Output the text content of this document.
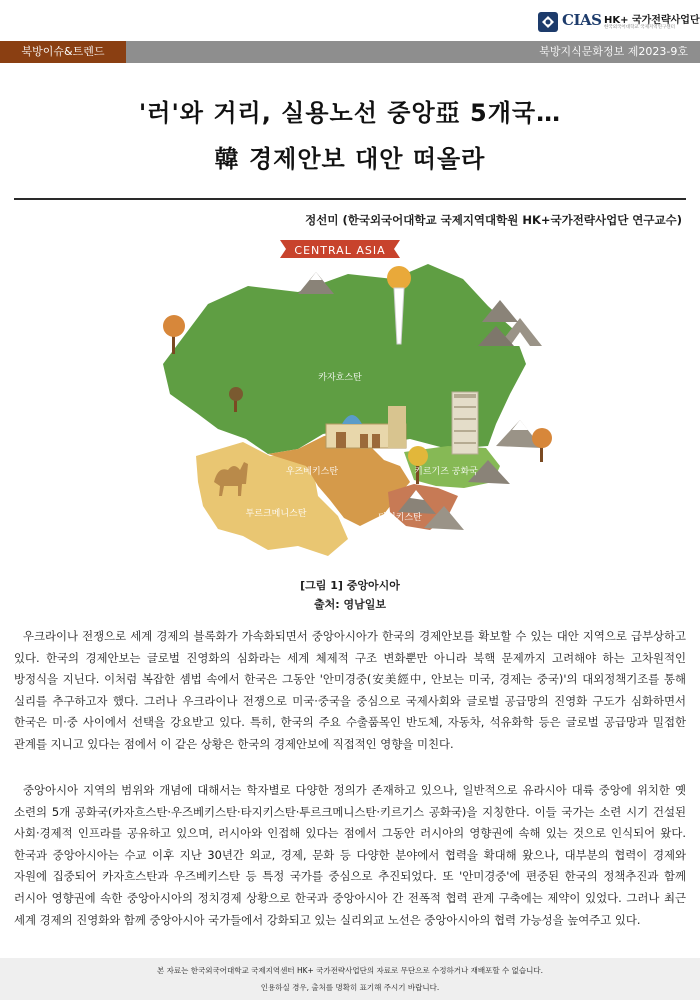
CIAS HK+ 국가전략사업단
한국외국어대학교 국제지역연구센터
북방이슈&트렌드	북방지식문화정보 제2023-9호
'러'와 거리, 실용노선 중앙亞 5개국…
韓 경제안보 대안 떠올라
정선미 (한국외국어대학교 국제지역대학원 HK+국가전략사업단 연구교수)
CENTRAL ASIA
카자흐스탄
우즈베키스탄	키르기즈 공화국
투르크메니스탄	타지키스탄
[그림 1] 중앙아시아
출처: 영남일보
우크라이나 전쟁으로 세계 경제의 블록화가 가속화되면서 중앙아시아가 한국의 경제안보를 확보할 수 있는 대안 지역으로 급부상하고 있다. 한국의 경제안보는 글로벌 진영화의 심화라는 세계 체제적 구조 변화뿐만 아니라 북핵 문제까지 고려해야 하는 고차원적인 방정식을 지닌다. 이처럼 복잡한 셈법 속에서 한국은 그동안 '안미경중(安美經中, 안보는 미국, 경제는 중국)'의 대외정책기조를 통해 실리를 추구하고자 했다. 그러나 우크라이나 전쟁으로 미국·중국을 중심으로 국제사회와 글로벌 공급망의 진영화 구도가 심화하면서 한국은 미·중 사이에서 선택을 강요받고 있다. 특히, 한국의 주요 수출품목인 반도체, 자동차, 석유화학 등은 글로벌 공급망과 밀접한 관계를 지니고 있다는 점에서 이 같은 상황은 한국의 경제안보에 직접적인 영향을 미친다.
중앙아시아 지역의 범위와 개념에 대해서는 학자별로 다양한 정의가 존재하고 있으나, 일반적으로 유라시아 대륙 중앙에 위치한 옛 소련의 5개 공화국(카자흐스탄·우즈베키스탄·타지키스탄·투르크메니스탄·키르기스 공화국)을 지칭한다. 이들 국가는 소련 시기 건설된 사회·경제적 인프라를 공유하고 있으며, 러시아와 인접해 있다는 점에서 그동안 러시아의 영향권에 속해 있는 것으로 인식되어 왔다. 한국과 중앙아시아는 수교 이후 지난 30년간 외교, 경제, 문화 등 다양한 분야에서 협력을 확대해 왔으나, 대부분의 협력이 경제와 자원에 집중되어 카자흐스탄과 우즈베키스탄 등 특정 국가를 중심으로 추진되었다. 또 '안미경중'에 편중된 한국의 정책추진과 함께 러시아 영향권에 속한 중앙아시아의 정치경제 상황으로 한국과 중앙아시아 간 전폭적 협력 관계 구축에는 제약이 있었다. 그러나 최근 세계 경제의 진영화와 함께 중앙아시아 국가들에서 강화되고 있는 실리외교 노선은 중앙아시아의 협력 가능성을 높여주고 있다.
본 자료는 한국외국어대학교 국제지역센터 HK+ 국가전략사업단의 자료로 무단으로 수정하거나 재배포할 수 없습니다.
인용하실 경우, 출처를 명확히 표기해 주시기 바랍니다.
